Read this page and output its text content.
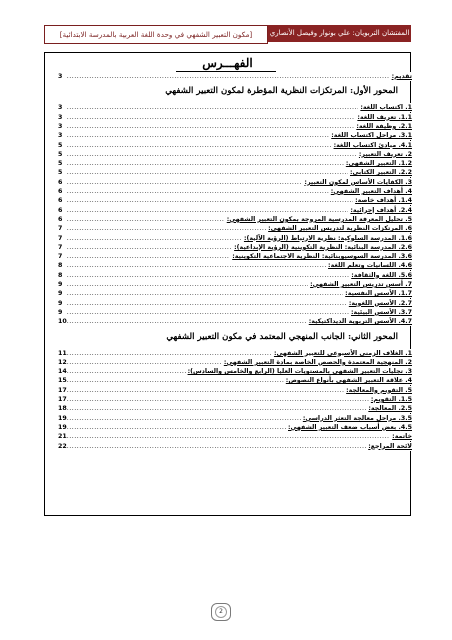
[مكون التعبير الشفهي في وحدة اللغة العربية بالمدرسة الابتدائية]	المفتشان التربويان: علي بونوار وفيصل الأنصاري
الفهـــرس
.....
تقديم:
3
المحور الأول: المرتكزات النظرية المؤطرة لمكون التعبير الشفهي
.....
1. اكتساب اللغة:
3
.....
1.1. تعريف اللغة:
3
.....
2.1. وظيفة اللغة:
3
.....
3.1. مراحل اكتساب اللغة:
3
.....
4.1. مبادئ اكتساب اللغة:
5
.....
2. تعريف التعبير:
5
.....
1.2. التعبير الشفهي:
5
.....
2.2. التعبير الكتابي:
5
.....
3. الكفايات الأساس لمكون التعبير:
6
.....
4. أهداف التعبير الشفهي:
6
.....
1.4. أهداف خاصة:
6
.....
2.4. أهداف إجرائية:
6
.....
5. تحليل المعرفة المدرسية المروجة بمكون التعبير الشفهي:
6
.....
6. المرتكزات النظرية لتدريس التعبير الشفهي:
7
.....
1.6. المدرسة السلوكية: نظرية الارتباط (الرؤية الآلية):
7
.....
2.6. المدرسة البنائية: النظرية التكوينية (الرؤية الإبداعية):
7
.....
3.6. المدرسة السوسيوبنائية: النظرية الاجتماعية التكوينية:
7
.....
4.6. اللسانيات وتعلم اللغة:
8
.....
5.6. اللغة والثقافة:
8
.....
7. أسس تدريس التعبير الشفهي:
9
.....
1.7. الأسس النفسية:
9
.....
2.7. الأسس اللغوية:
9
.....
3.7. الأسس البيئية:
9
.....
4.7. الأسس التربوية الديداكتيكية:
10
المحور الثاني: الجانب المنهجي المعتمد في مكون التعبير الشفهي
.....
1. الغلاف الزمني الأسبوعي للتعبير الشفهي:
11
.....
2. المنهجية المعتمدة والحصص الخاصة بمادة التعبير الشفهي:
12
.....
3. تجليات التعبير الشفهي بالمستويات العليا (الرابع والخامس والسادس):
14
.....
4. علاقة التعبير الشفهي بأنواع النصوص:
15
.....
5. التقويم والمعالجة:
17
.....
1.5. التقويم:
17
.....
2.5. المعالجة:
18
.....
3.5. مراحل معالجة التعثر الدراسي:
19
.....
4.5. بعض أسباب ضعف التعبير الشفهي:
19
.....
خاتمة:
21
.....
لائحة المراجع:
22
2
